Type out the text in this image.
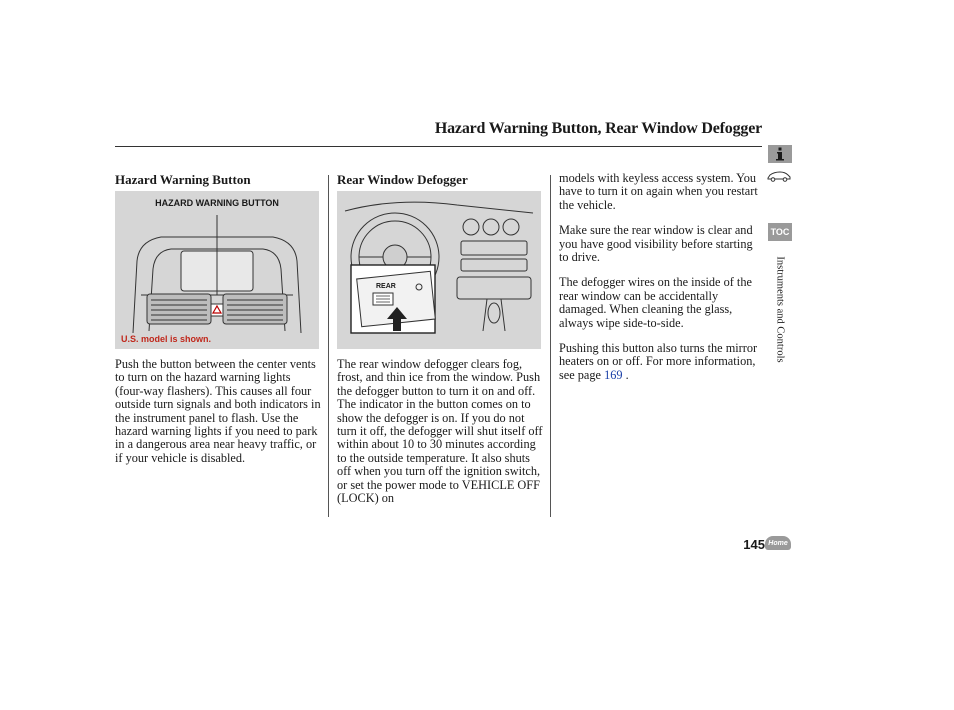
Hazard Warning Button, Rear Window Defogger
Hazard Warning Button
HAZARD WARNING BUTTON
U.S. model is shown.

Push the button between the center vents to turn on the hazard warning lights (four-way flashers). This causes all four outside turn signals and both indicators in the instrument panel to flash. Use the hazard warning lights if you need to park in a dangerous area near heavy traffic, or if your vehicle is disabled.

Rear Window Defogger
REAR

The rear window defogger clears fog, frost, and thin ice from the window. Push the defogger button to turn it on and off. The indicator in the button comes on to show the defogger is on. If you do not turn it off, the defogger will shut itself off within about 10 to 30 minutes according to the outside temperature. It also shuts off when you turn off the ignition switch, or set the power mode to VEHICLE OFF (LOCK) on

models with keyless access system. You have to turn it on again when you restart the vehicle.

Make sure the rear window is clear and you have good visibility before starting to drive.

The defogger wires on the inside of the rear window can be accidentally damaged. When cleaning the glass, always wipe side-to-side.

Pushing this button also turns the mirror heaters on or off. For more information, see page 169 .

TOC
Instruments and Controls
145 Home
